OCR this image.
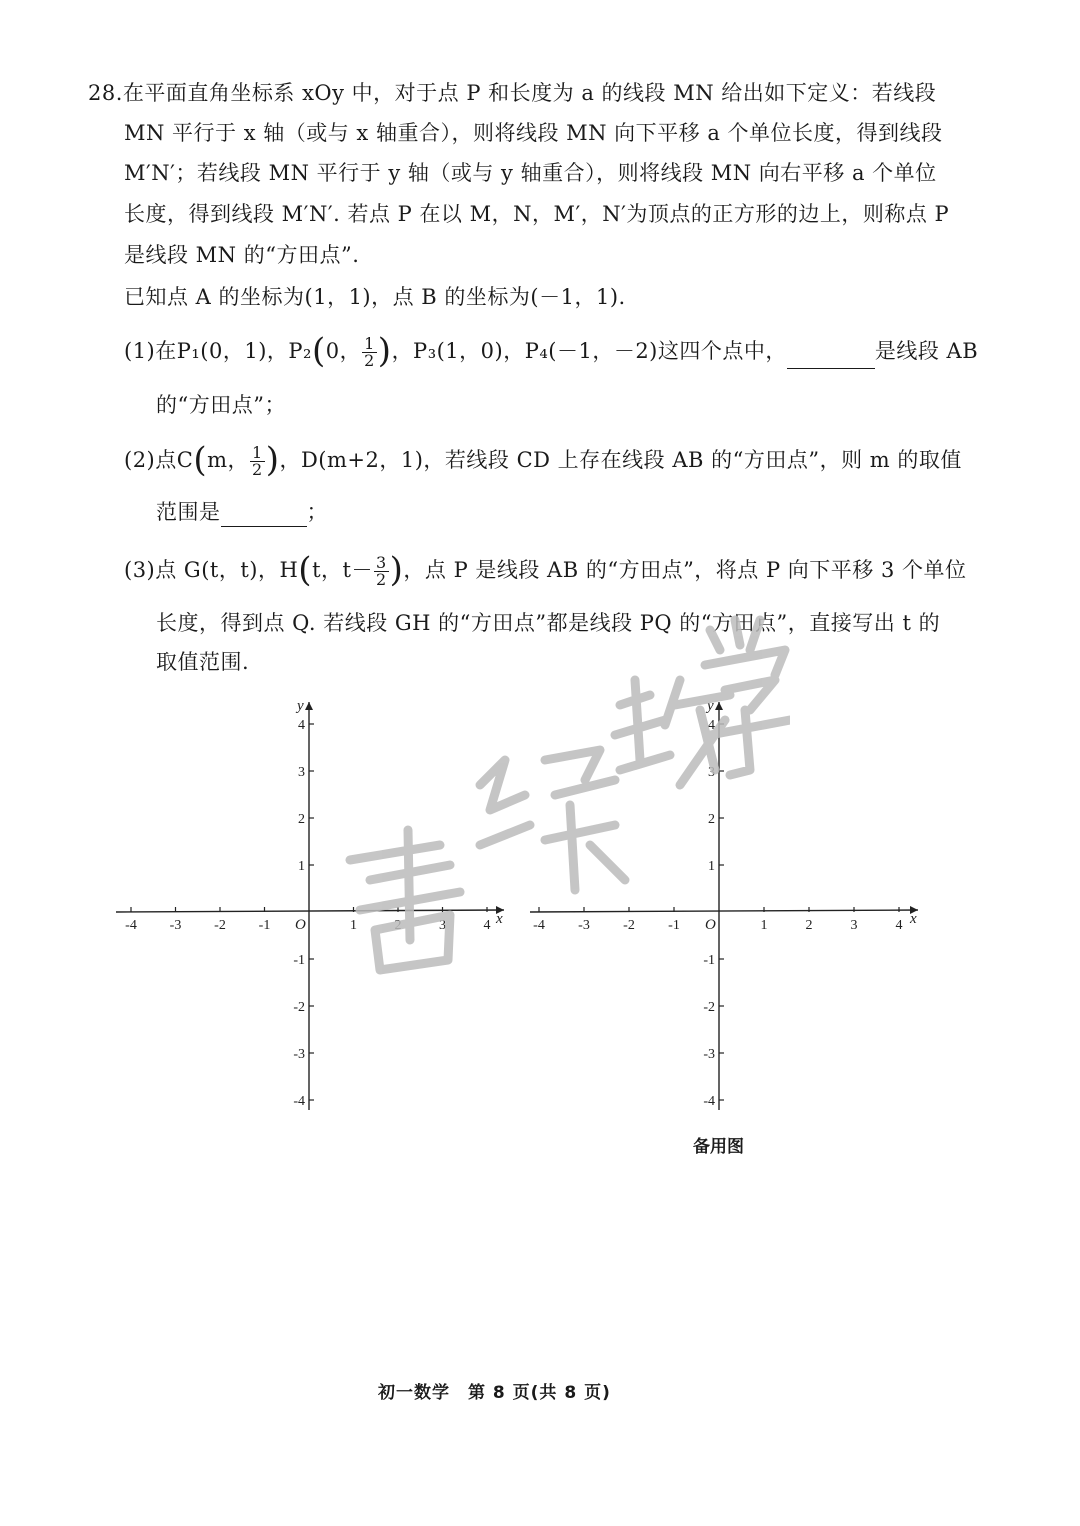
28.在平面直角坐标系 xOy 中，对于点 P 和长度为 a 的线段 MN 给出如下定义：若线段
MN 平行于 x 轴（或与 x 轴重合），则将线段 MN 向下平移 a 个单位长度，得到线段
M′N′；若线段 MN 平行于 y 轴（或与 y 轴重合），则将线段 MN 向右平移 a 个单位
长度，得到线段 M′N′. 若点 P 在以 M，N，M′，N′为顶点的正方形的边上，则称点 P
是线段 MN 的“方田点”.
已知点 A 的坐标为(1，1)，点 B 的坐标为(－1，1).
(1)在P₁(0，1)，P₂(0， $\frac{1}{2}$ )，P₃(1，0)，P₄(－1，－2)这四个点中，	是线段 AB
的“方田点”；
(2)点C(m， $\frac{1}{2}$ )，D(m+2，1)，若线段 CD 上存在线段 AB 的“方田点”，则 m 的取值
范围是	；
(3)点 G(t，t)，H(t，$t- \frac{3}{2}$ )，点 P 是线段 AB 的“方田点”，将点 P 向下平移 3 个单位
长度，得到点 Q. 若线段 GH 的“方田点”都是线段 PQ 的“方田点”，直接写出 t 的
取值范围.
x
y
O
-4 -3 -2 -1	1	2	3	4
4
3
2
1
-1
-2
-3
-4
x
y
O
-4 -3 -2 -1	1	2	3	4
4
3
2
1
-1
-2
-3
-4
备用图
初一数学　第 8 页(共 8 页)
